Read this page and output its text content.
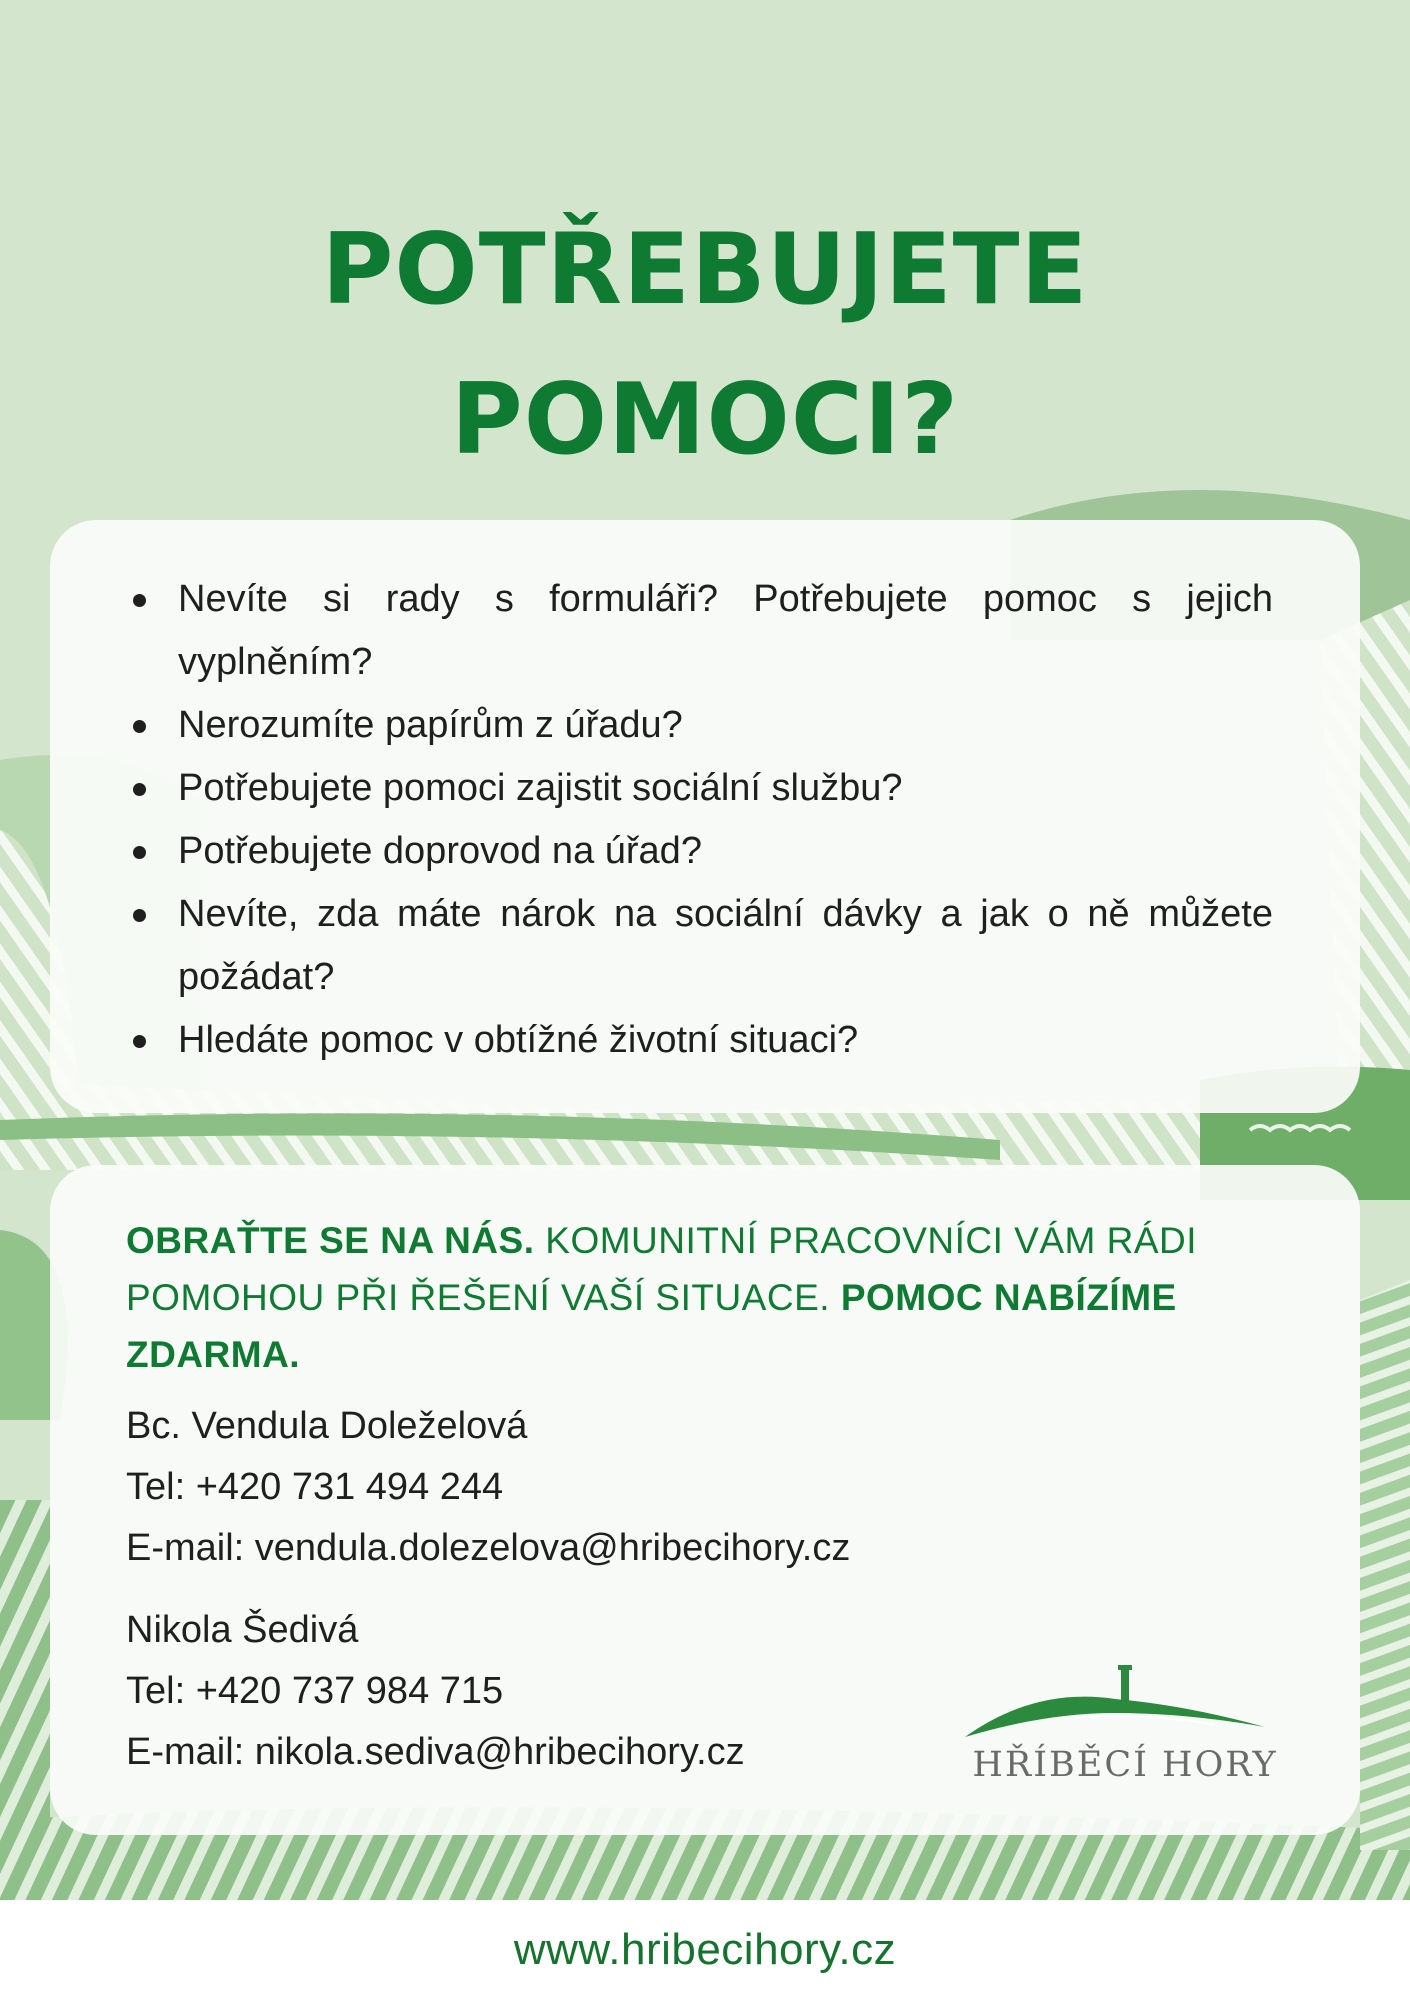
POTŘEBUJETE
POMOCI?
Nevíte si rady s formuláři? Potřebujete pomoc s jejich vyplněním?
Nerozumíte papírům z úřadu?
Potřebujete pomoci zajistit sociální službu?
Potřebujete doprovod na úřad?
Nevíte, zda máte nárok na sociální dávky a jak o ně můžete požádat?
Hledáte pomoc v obtížné životní situaci?

OBRAŤTE SE NA NÁS. KOMUNITNÍ PRACOVNÍCI VÁM RÁDI POMOHOU PŘI ŘEŠENÍ VAŠÍ SITUACE. POMOC NABÍZÍME ZDARMA.

Bc. Vendula Doleželová

Tel: +420 731 494 244

E-mail: vendula.dolezelova@hribecihory.cz

Nikola Šedivá

Tel: +420 737 984 715

E-mail: nikola.sediva@hribecihory.cz	HŘÍBĚCÍ HORY
www.hribecihory.cz
